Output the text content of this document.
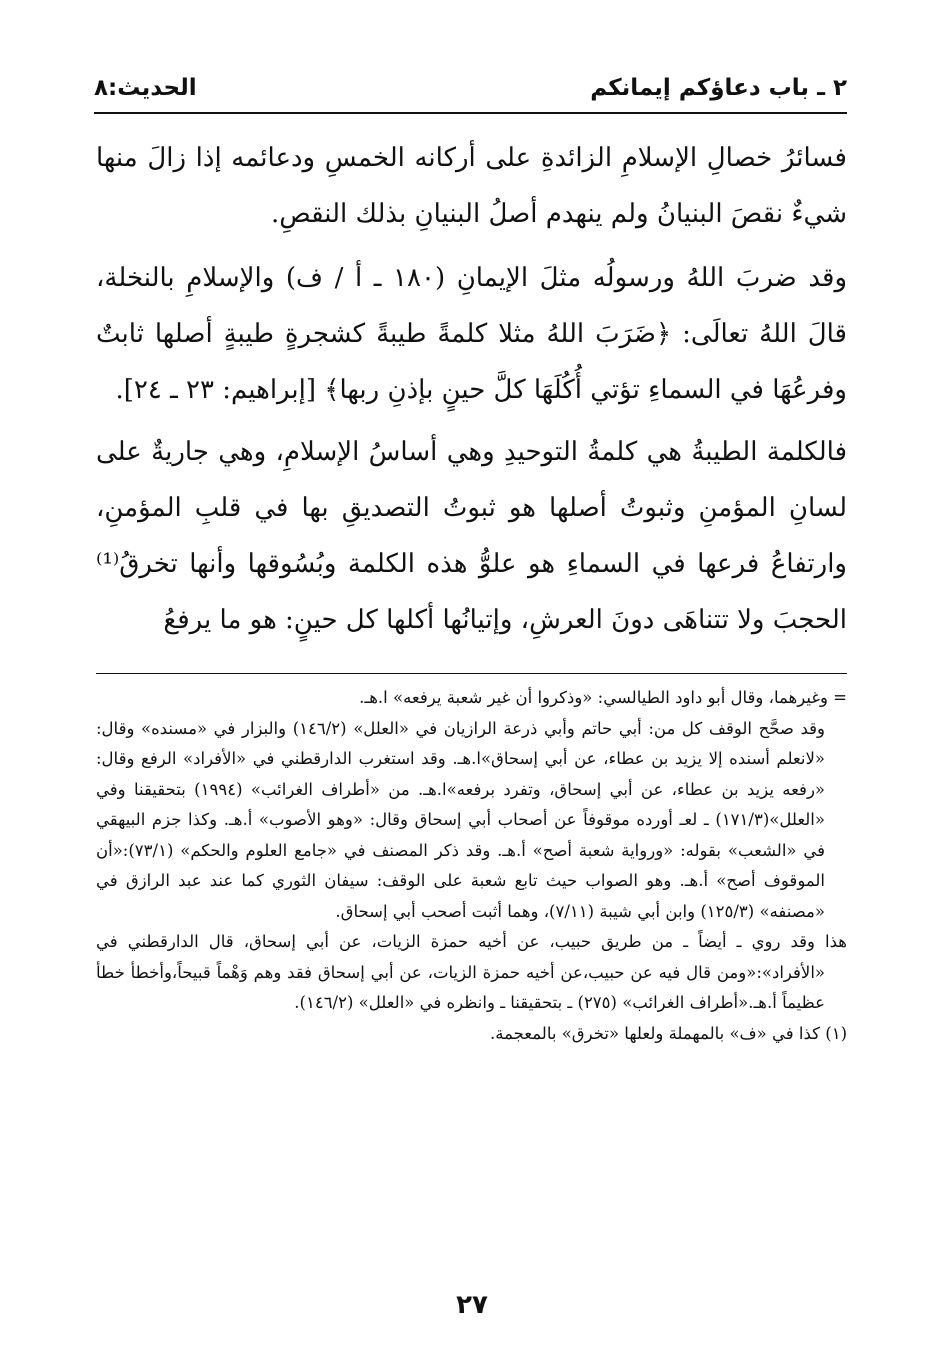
٢ ـ باب دعاؤكم إيمانكم
الحديث:٨

فسائرُ خصالِ الإسلامِ الزائدةِ على أركانه الخمسِ ودعائمه إذا زالَ منها شيءٌ نقصَ البنيانُ ولم ينهدم أصلُ البنيانِ بذلك النقصِ.

وقد ضربَ اللهُ ورسولُه مثلَ الإيمانِ (١٨٠ ـ أ / ف) والإسلامِ بالنخلة، قالَ اللهُ تعالَى: ﴿ضَرَبَ اللهُ مثلا كلمةً طيبةً كشجرةٍ طيبةٍ أصلها ثابتٌ وفرعُهَا في السماءِ تؤتي أُكُلَهَا كلَّ حينٍ بإذنِ ربها﴾ [إبراهيم: ٢٣ ـ ٢٤].

فالكلمة الطيبةُ هي كلمةُ التوحيدِ وهي أساسُ الإسلامِ، وهي جاريةٌ على لسانِ المؤمنِ وثبوتُ أصلها هو ثبوتُ التصديقِ بها في قلبِ المؤمنِ، وارتفاعُ فرعها في السماءِ هو علوُّ هذه الكلمة وبُسُوقها وأنها تخرقُ⁽¹⁾ الحجبَ ولا تتناهَى دونَ العرشِ، وإتيانُها أكلها كل حينٍ: هو ما يرفعُ

= وغيرهما، وقال أبو داود الطيالسي: «وذكروا أن غير شعبة يرفعه» ا.هـ.

وقد صحَّح الوقف كل من: أبي حاتم وأبي ذرعة الرازيان في «العلل» (١٤٦/٢) والبزار في «مسنده» وقال: «لانعلم أسنده إلا يزيد بن عطاء، عن أبي إسحاق»ا.هـ. وقد استغرب الدارقطني في «الأفراد» الرفع وقال: «رفعه يزيد بن عطاء، عن أبي إسحاق، وتفرد برفعه»ا.هـ. من «أطراف الغرائب» (١٩٩٤) بتحقيقنا وفي «العلل»(١٧١/٣) ـ لعـ أورده موقوفاً عن أصحاب أبي إسحاق وقال: «وهو الأصوب» أ.هـ. وكذا جزم البيهقي في «الشعب» بقوله: «ورواية شعبة أصح» أ.هـ. وقد ذكر المصنف في «جامع العلوم والحكم» (٧٣/١):«أن الموقوف أصح» أ.هـ. وهو الصواب حيث تابع شعبة على الوقف: سيفان الثوري كما عند عبد الرازق في «مصنفه» (١٢٥/٣) وابن أبي شيبة (٧/١١)، وهما أثبت أصحب أبي إسحاق.

هذا وقد روي ـ أيضاً ـ من طريق حبيب، عن أخيه حمزة الزيات، عن أبي إسحاق، قال الدارقطني في «الأفراد»:«ومن قال فيه عن حبيب،عن أخيه حمزة الزيات، عن أبي إسحاق فقد وهم وَهْماً قبيحاً،وأخطأ خطأ عظيماً أ.هـ.«أطراف الغرائب» (٢٧٥) ـ بتحقيقنا ـ وانظره في «العلل» (١٤٦/٢).

(١) كذا في «ف» بالمهملة ولعلها «تخرق» بالمعجمة.

٢٧
